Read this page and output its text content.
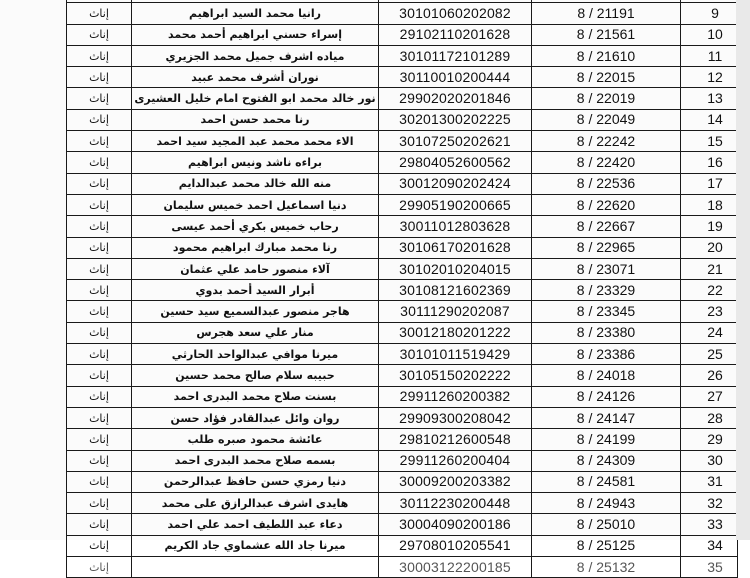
إناث	رانيا محمد السيد ابراهيم	30101060202082	8 / 21191	9
إناث	إسراء حسني ابراهيم أحمد محمد	29102110201628	8 / 21561	10
إناث	مياده اشرف جميل محمد الجزيري	30101172101289	8 / 21610	11
إناث	نوران أشرف محمد عبيد	30110010200444	8 / 22015	12
إناث	نور خالد محمد ابو الفتوح امام خليل العشيرى	29902020201846	8 / 22019	13
إناث	رنا محمد حسن احمد	30201300202225	8 / 22049	14
إناث	الاء محمد محمد عبد المجيد سيد احمد	30107250202621	8 / 22242	15
إناث	براءه ناشد ونيس ابراهيم	29804052600562	8 / 22420	16
إناث	منه الله خالد محمد عبدالدايم	30012090202424	8 / 22536	17
إناث	دنيا اسماعيل احمد خميس سليمان	29905190200665	8 / 22620	18
إناث	رحاب خميس بكري أحمد عيسى	30011012803628	8 / 22667	19
إناث	رنا محمد مبارك ابراهيم محمود	30106170201628	8 / 22965	20
إناث	آلاء منصور حامد علي عثمان	30102010204015	8 / 23071	21
إناث	أبرار السيد أحمد بدوي	30108121602369	8 / 23329	22
إناث	هاجر منصور عبدالسميع سيد حسين	30111290202087	8 / 23345	23
إناث	منار علي سعد هجرس	30012180201222	8 / 23380	24
إناث	ميرنا موافي عبدالواحد الحارثي	30101011519429	8 / 23386	25
إناث	حبيبه سلام صالح محمد حسين	30105150202222	8 / 24018	26
إناث	بسنت صلاح محمد البدرى احمد	29911260200382	8 / 24126	27
إناث	روان وائل عبدالقادر فؤاد حسن	29909300208042	8 / 24147	28
إناث	عائشة محمود صبره طلب	29810212600548	8 / 24199	29
إناث	بسمه صلاح محمد البدرى احمد	29911260200404	8 / 24309	30
إناث	دنيا رمزي حسن حافظ عبدالرحمن	30009200203382	8 / 24581	31
إناث	هايدى اشرف عبدالرازق على محمد	30112230200448	8 / 24943	32
إناث	دعاء عبد اللطيف احمد علي احمد	30004090200186	8 / 25010	33
إناث	ميرنا جاد الله عشماوي جاد الكريم	29708010205541	8 / 25125	34
إناث		30003122200185	8 / 25132	35
